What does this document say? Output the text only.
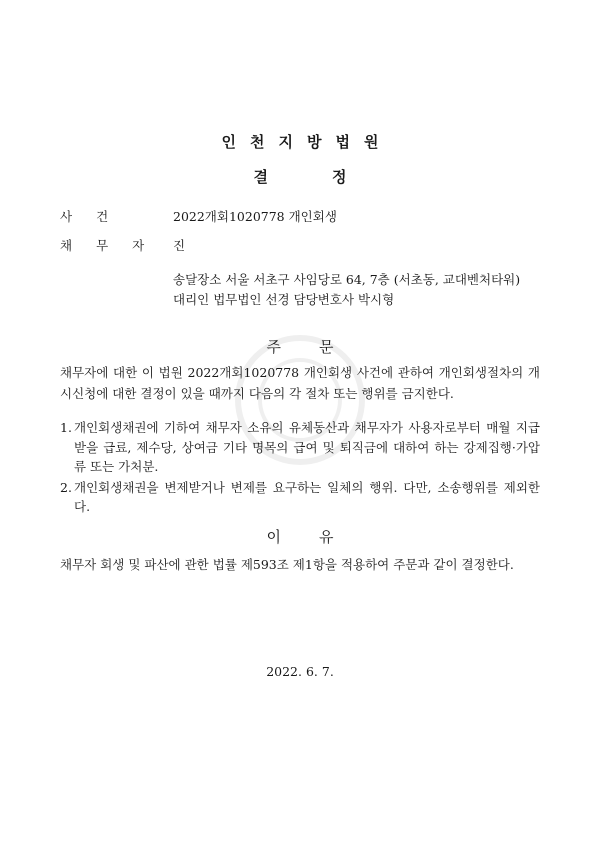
인천지방법원
결정
사건	2022개회1020778 개인회생
채무자 진
송달장소 서울 서초구 사임당로 64, 7층 (서초동, 교대벤처타워)
대리인 법무법인 선경 담당변호사 박시형
주문
채무자에 대한 이 법원 2022개회1020778 개인회생 사건에 관하여 개인회생절차의 개시신청에 대한 결정이 있을 때까지 다음의 각 절차 또는 행위를 금지한다.
1. 개인회생채권에 기하여 채무자 소유의 유체동산과 채무자가 사용자로부터 매월 지급받을 급료, 제수당, 상여금 기타 명목의 급여 및 퇴직금에 대하여 하는 강제집행·가압류 또는 가처분.
2. 개인회생채권을 변제받거나 변제를 요구하는 일체의 행위. 다만, 소송행위를 제외한다.
이유
채무자 회생 및 파산에 관한 법률 제593조 제1항을 적용하여 주문과 같이 결정한다.
2022. 6. 7.
